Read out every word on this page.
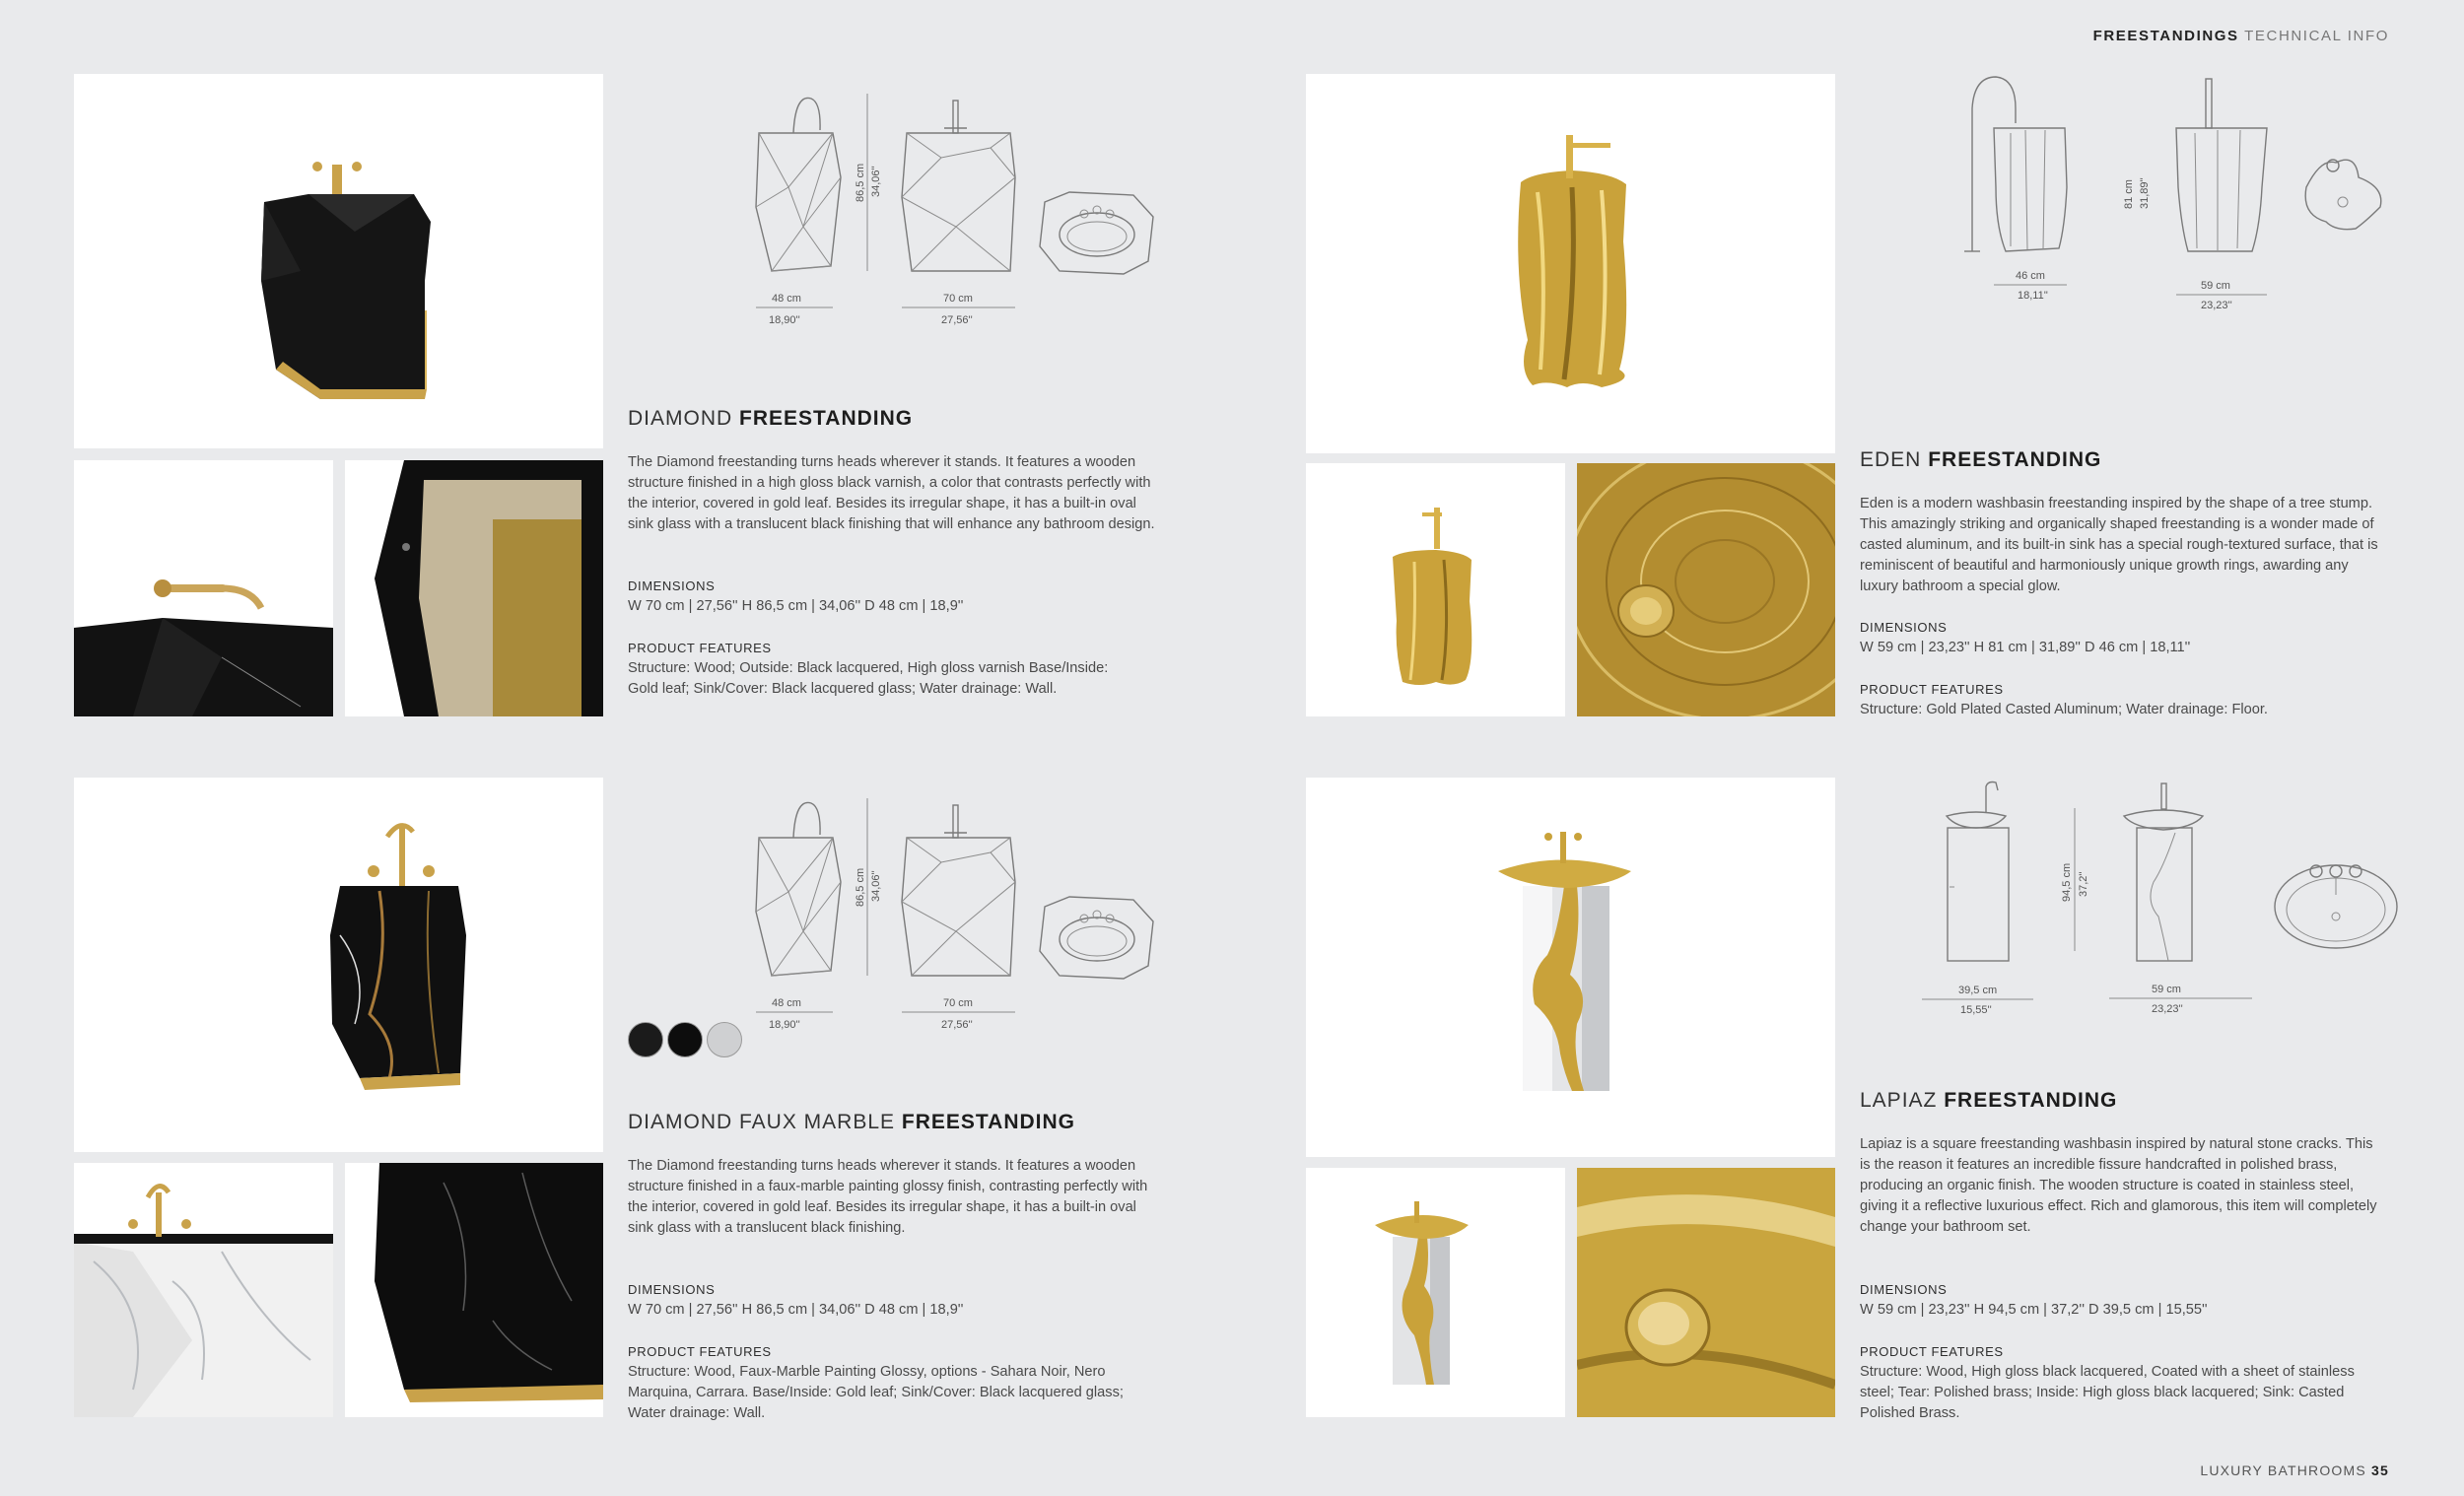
FREESTANDINGS TECHNICAL INFO
LUXURY BATHROOMS 35
86,5 cm 34,06''
48 cm
18,90''
70 cm
27,56''
DIAMOND FREESTANDING
The Diamond freestanding turns heads wherever it stands. It features a wooden structure finished in a high gloss black varnish, a color that contrasts perfectly with the interior, covered in gold leaf. Besides its irregular shape, it has a built-in oval sink glass with a translucent black finishing that will enhance any bathroom design.
DIMENSIONS
W 70 cm | 27,56'' H 86,5 cm | 34,06'' D 48 cm | 18,9''
PRODUCT FEATURES
Structure: Wood; Outside: Black lacquered, High gloss varnish Base/Inside: Gold leaf; Sink/Cover: Black lacquered glass; Water drainage: Wall.
81 cm 31,89''
46 cm
18,11''
59 cm
23,23''
EDEN FREESTANDING
Eden is a modern washbasin freestanding inspired by the shape of a tree stump. This amazingly striking and organically shaped freestanding is a wonder made of casted aluminum, and its built-in sink has a special rough-textured surface, that is reminiscent of beautiful and harmoniously unique growth rings, awarding any luxury bathroom a special glow.
DIMENSIONS
W 59 cm | 23,23'' H 81 cm | 31,89'' D 46 cm | 18,11''
PRODUCT FEATURES
Structure: Gold Plated Casted Aluminum; Water drainage: Floor.
86,5 cm 34,06''
48 cm
18,90''
70 cm
27,56''
DIAMOND FAUX MARBLE FREESTANDING
The Diamond freestanding turns heads wherever it stands. It features a wooden structure finished in a faux-marble painting glossy finish, contrasting perfectly with the interior, covered in gold leaf. Besides its irregular shape, it has a built-in oval sink glass with a translucent black finishing.
DIMENSIONS
W 70 cm | 27,56'' H 86,5 cm | 34,06'' D 48 cm | 18,9''
PRODUCT FEATURES
Structure: Wood, Faux-Marble Painting Glossy, options - Sahara Noir, Nero Marquina, Carrara. Base/Inside: Gold leaf; Sink/Cover: Black lacquered glass; Water drainage: Wall.
94,5 cm 37,2''
39,5 cm
15,55''
59 cm
23,23''
LAPIAZ FREESTANDING
Lapiaz is a square freestanding washbasin inspired by natural stone cracks. This is the reason it features an incredible fissure handcrafted in polished brass, producing an organic finish. The wooden structure is coated in stainless steel, giving it a reflective luxurious effect. Rich and glamorous, this item will completely change your bathroom set.
DIMENSIONS
W 59 cm | 23,23'' H 94,5 cm | 37,2'' D 39,5 cm | 15,55''
PRODUCT FEATURES
Structure: Wood, High gloss black lacquered, Coated with a sheet of stainless steel; Tear: Polished brass; Inside: High gloss black lacquered; Sink: Casted Polished Brass.
